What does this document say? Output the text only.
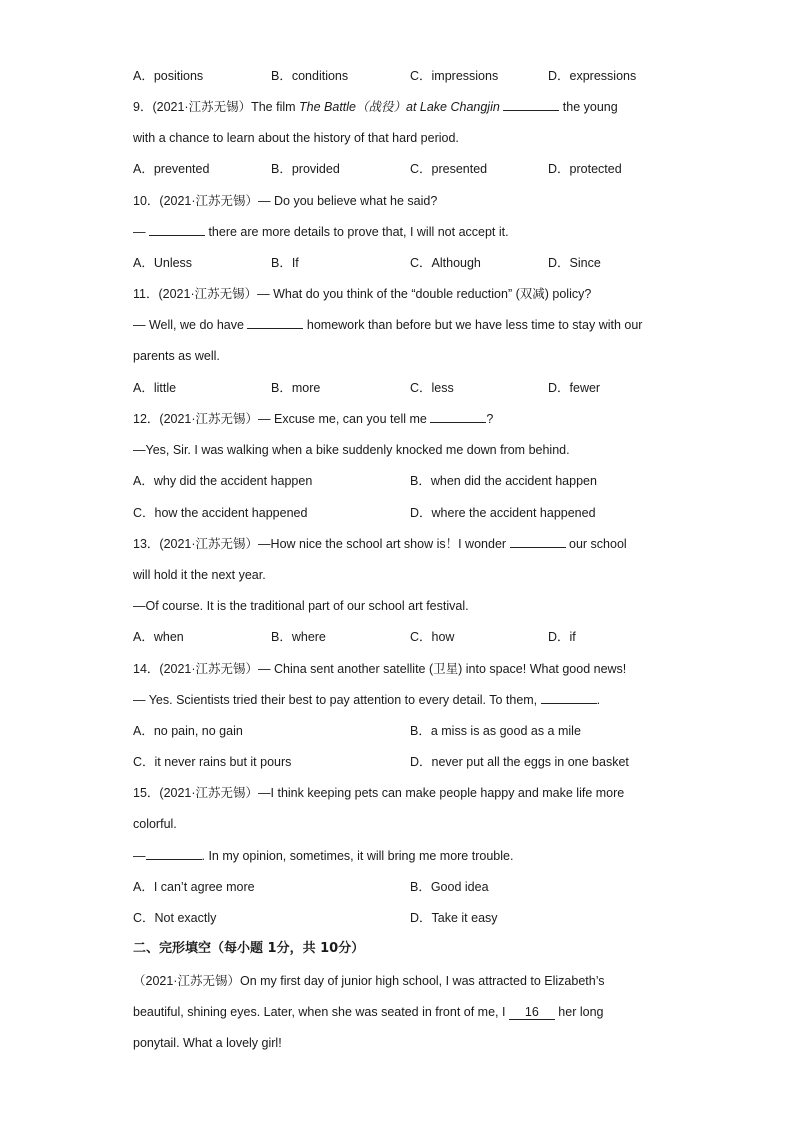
A．positions	B．conditions	C．impressions	D．expressions
9．(2021·江苏无锡）The film The Battle（战役）at Lake Changjin	the young
with a chance to learn about the history of that hard period.
A．prevented	B．provided	C．presented	D．protected
10．(2021·江苏无锡）— Do you believe what he said?
—	there are more details to prove that, I will not accept it.
A．Unless	B．If	C．Although	D．Since
11．(2021·江苏无锡）— What do you think of the “double reduction” (双减) policy?
— Well, we do have	homework than before but we have less time to stay with our
parents as well.
A．little	B．more	C．less	D．fewer
12．(2021·江苏无锡）— Excuse me, can you tell me	?
—Yes, Sir. I was walking when a bike suddenly knocked me down from behind.
A．why did the accident happen	B．when did the accident happen
C．how the accident happened	D．where the accident happened
13．(2021·江苏无锡）—How nice the school art show is！I wonder	our school
will hold it the next year.
—Of course. It is the traditional part of our school art festival.
A．when	B．where	C．how	D．if
14．(2021·江苏无锡）— China sent another satellite (卫星) into space! What good news!
— Yes. Scientists tried their best to pay attention to every detail. To them,	.
A．no pain, no gain	B．a miss is as good as a mile
C．it never rains but it pours	D．never put all the eggs in one basket
15．(2021·江苏无锡）—I think keeping pets can make people happy and make life more
colorful.
—	. In my opinion, sometimes, it will bring me more trouble.
A．I can’t agree more	B．Good idea
C．Not exactly	D．Take it easy
二、完形填空（每小题 1分，共 10分）
（2021·江苏无锡）On my first day of junior high school, I was attracted to Elizabeth’s
beautiful, shining eyes. Later, when she was seated in front of me, I 16 her long
ponytail. What a lovely girl!
